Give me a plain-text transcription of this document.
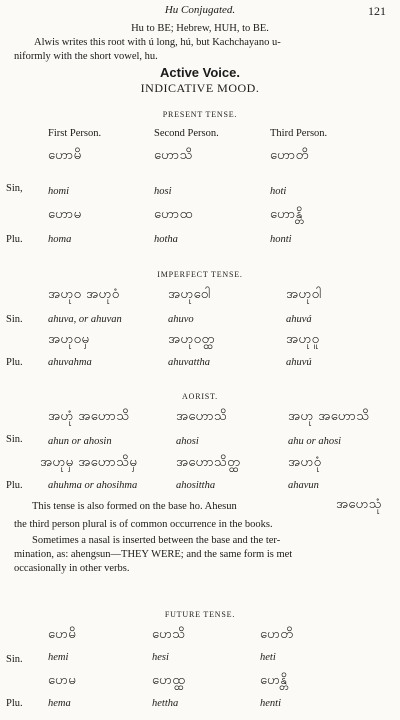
Hu Conjugated.	121
Hu to BE; Hebrew, HUH, to BE.
Alwis writes this root with ú long, hú, but Kachchayano u-
niformly with the short vowel, hu.
Active Voice.
INDICATIVE MOOD.
PRESENT TENSE.
First Person.	Second Person.	Third Person.
ဟောမိ	ဟောသိ	ဟောတိ
Sin, homi	hosi	hoti
ဟောမ	ဟောထ	ဟောန္တိ
Plu. homa	hotha	honti
IMPERFECT TENSE.
အဟုဝ အဟုဝံ	အဟုဝေါ	အဟုဝါ
Sin. ahuva, or ahuvan	ahuvo	ahuvá
အဟုဝမှ	အဟုဝတ္ထ	အဟုဝူ
Plu. ahuvahma	ahuvattha	ahuvú
AORIST.
အဟုံ အဟောသိ	အဟောသိ	အဟု အဟောသိ
Sin. ahun or ahosin	ahosi	ahu or ahosi
အဟုမှ အဟောသိမှ	အဟောသိတ္ထ	အဟဝုံ
Plu. ahuhma or ahosihma	ahosittha	ahavun
This tense is also formed on the base ho. Ahesun	အဟေသုံ
the third person plural is of common occurrence in the books.
Sometimes a nasal is inserted between the base and the ter-
mination, as: ahengsun—THEY WERE; and the same form is met
occasionally in other verbs.
FUTURE TENSE.
ဟေမိ	ဟေသိ	ဟေတိ
Sin. hemi	hesi	heti
ဟေမ	ဟေထ္ထ	ဟေန္တိ
Plu. hema	hettha	henti
